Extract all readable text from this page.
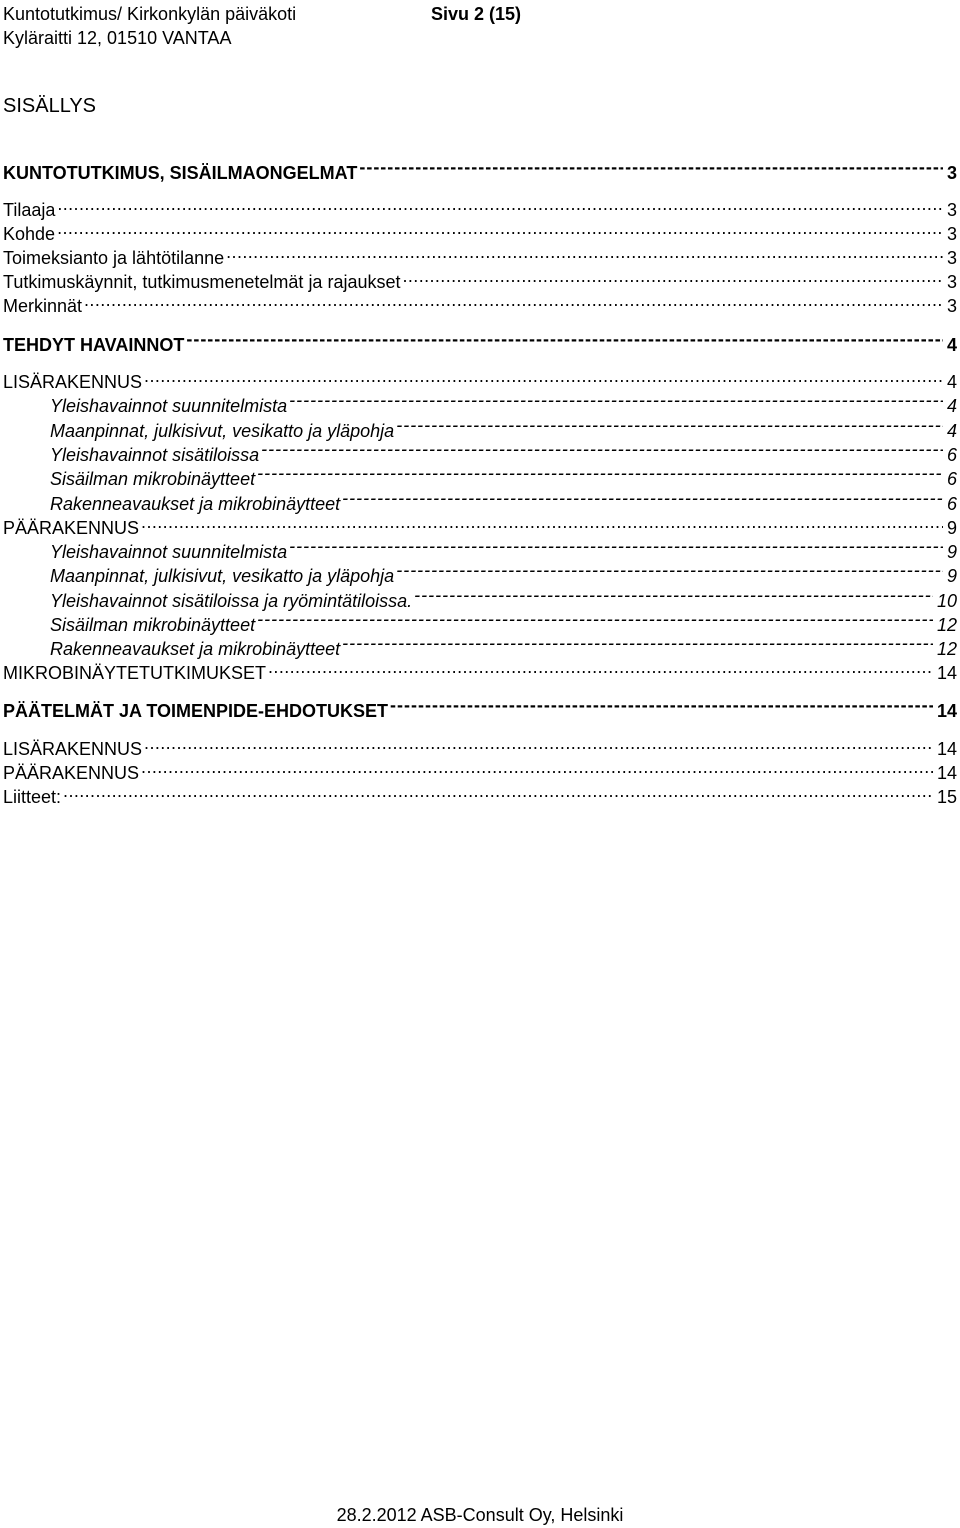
Kuntotutkimus/ Kirkonkylän päiväkoti	Sivu 2 (15)
Kyläraitti 12, 01510 VANTAA
SISÄLLYS
KUNTOTUTKIMUS, SISÄILMAONGELMAT -----	3
Tilaaja .....	3
Kohde .....	3
Toimeksianto ja lähtötilanne .....	3
Tutkimuskäynnit, tutkimusmenetelmät ja rajaukset .....	3
Merkinnät .....	3
TEHDYT HAVAINNOT -----	4
LISÄRAKENNUS .....	4
Yleishavainnot suunnitelmista -----	4
Maanpinnat, julkisivut, vesikatto ja yläpohja -----	4
Yleishavainnot sisätiloissa -----	6
Sisäilman mikrobinäytteet -----	6
Rakenneavaukset ja mikrobinäytteet -----	6
PÄÄRAKENNUS .....	9
Yleishavainnot suunnitelmista -----	9
Maanpinnat, julkisivut, vesikatto ja yläpohja -----	9
Yleishavainnot sisätiloissa ja ryömintätiloissa. -----	10
Sisäilman mikrobinäytteet -----	12
Rakenneavaukset ja mikrobinäytteet -----	12
MIKROBINÄYTETUTKIMUKSET .....	14
PÄÄTELMÄT JA TOIMENPIDE-EHDOTUKSET -----	14
LISÄRAKENNUS .....	14
PÄÄRAKENNUS .....	14
Liitteet: .....	15
28.2.2012 ASB-Consult Oy, Helsinki
